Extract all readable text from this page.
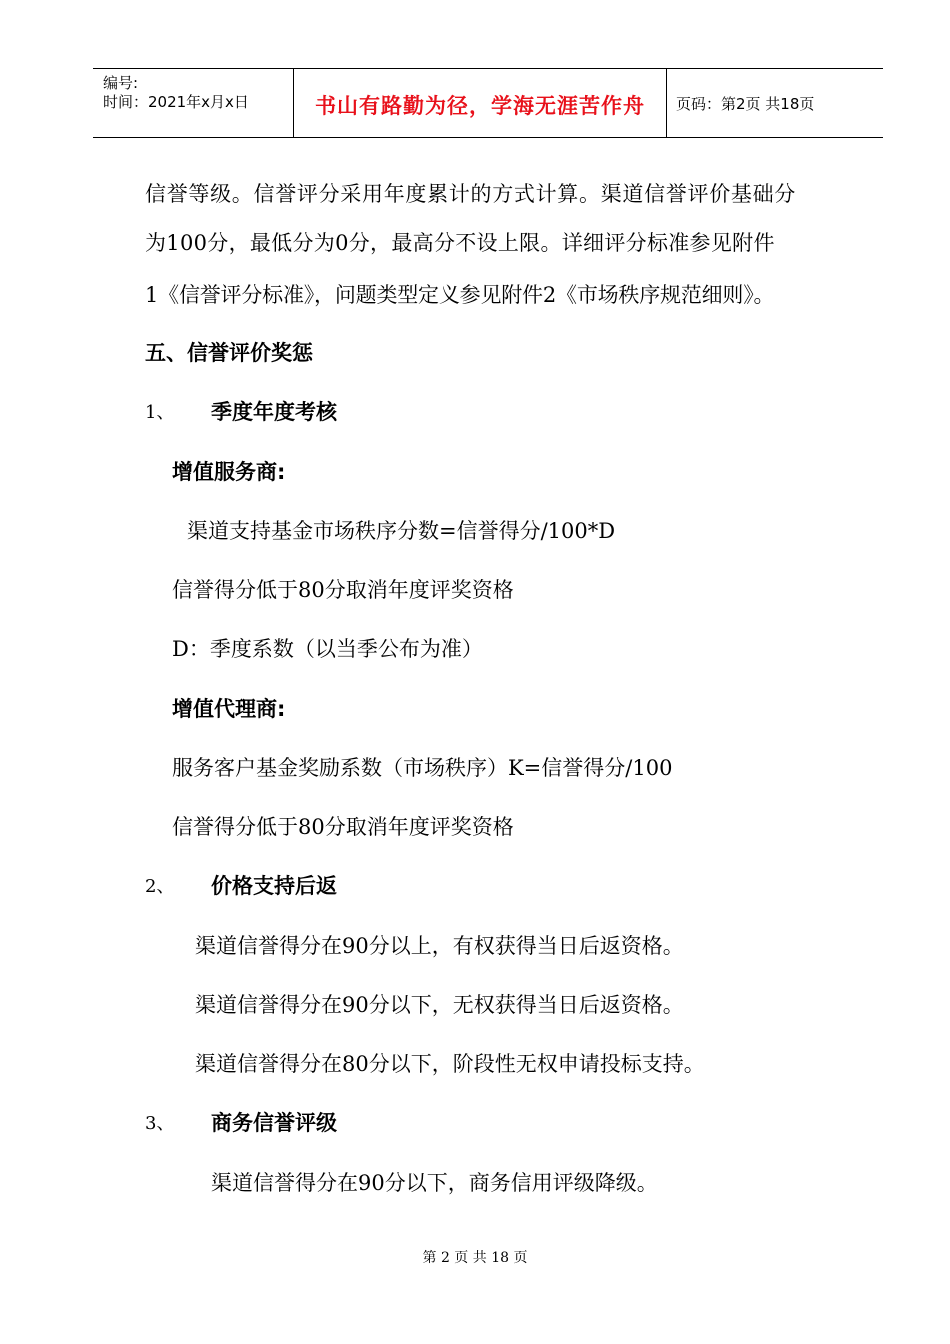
编号:
时间：2021年x月x日	书山有路勤为径，学海无涯苦作舟	页码：第2页 共18页
信誉等级。信誉评分采用年度累计的方式计算。渠道信誉评价基础分
为100分，最低分为0分，最高分不设上限。详细评分标准参见附件
1《信誉评分标准》，问题类型定义参见附件2《市场秩序规范细则》。
五、信誉评价奖惩
1、 季度年度考核
增值服务商:
渠道支持基金市场秩序分数=信誉得分/100*D
信誉得分低于80分取消年度评奖资格
D：季度系数（以当季公布为准）
增值代理商:
服务客户基金奖励系数（市场秩序）K=信誉得分/100
信誉得分低于80分取消年度评奖资格
2、 价格支持后返
渠道信誉得分在90分以上，有权获得当日后返资格。
渠道信誉得分在90分以下，无权获得当日后返资格。
渠道信誉得分在80分以下，阶段性无权申请投标支持。
3、 商务信誉评级
渠道信誉得分在90分以下，商务信用评级降级。
第 2 页 共 18 页
